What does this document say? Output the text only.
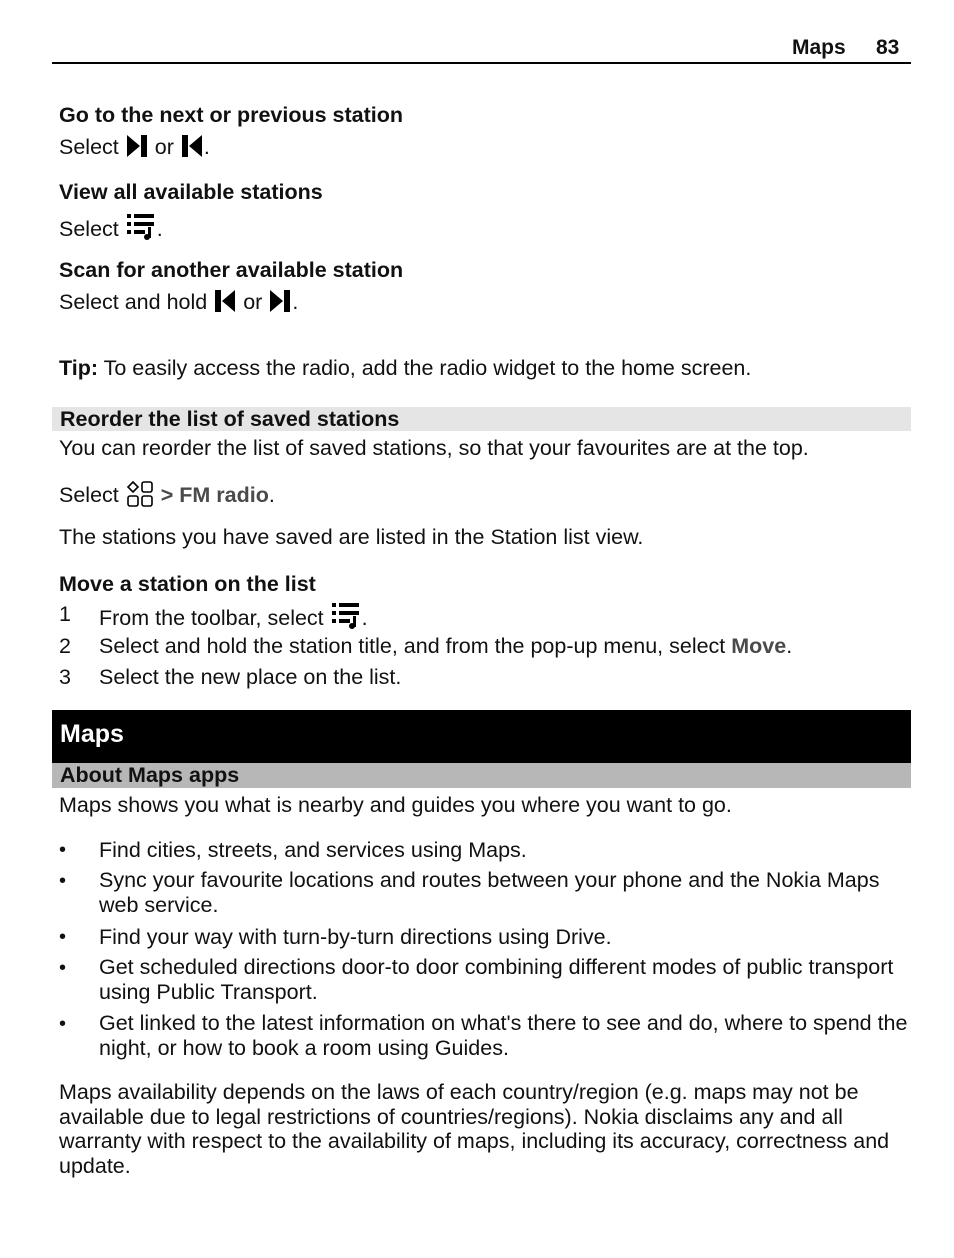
Maps 83
Go to the next or previous station
Select or .
View all available stations
Select .
Scan for another available station
Select and hold or .
Tip: To easily access the radio, add the radio widget to the home screen.
Reorder the list of saved stations
You can reorder the list of saved stations, so that your favourites are at the top.
Select > FM radio.
The stations you have saved are listed in the Station list view.
Move a station on the list
1	From the toolbar, select .
2	Select and hold the station title, and from the pop-up menu, select Move.
3	Select the new place on the list.
Maps
About Maps apps
Maps shows you what is nearby and guides you where you want to go.
•	Find cities, streets, and services using Maps.
•	Sync your favourite locations and routes between your phone and the Nokia Maps web service.
•	Find your way with turn-by-turn directions using Drive.
•	Get scheduled directions door-to door combining different modes of public transport using Public Transport.
•	Get linked to the latest information on what's there to see and do, where to spend the night, or how to book a room using Guides.
Maps availability depends on the laws of each country/region (e.g. maps may not be available due to legal restrictions of countries/regions). Nokia disclaims any and all warranty with respect to the availability of maps, including its accuracy, correctness and update.
